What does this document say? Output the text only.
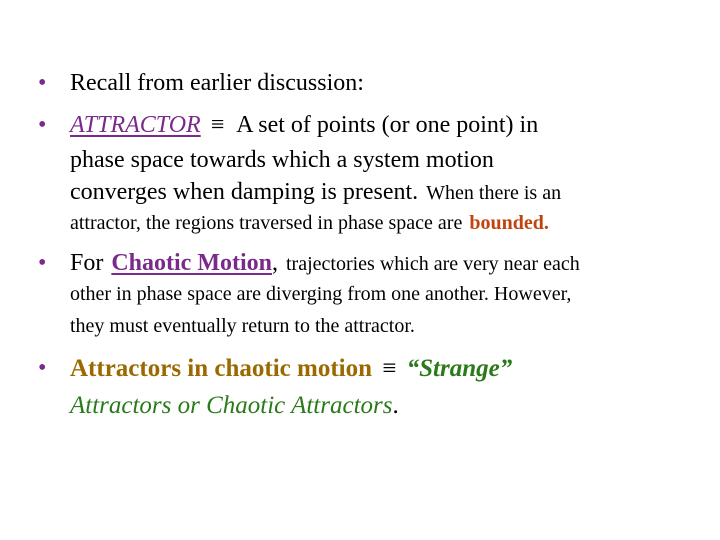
• Recall from earlier discussion:
• ATTRACTOR ≡ A set of points (or one point) in
phase space towards which a system motion
converges when damping is present. When there is an
attractor, the regions traversed in phase space are bounded.
• For Chaotic Motion, trajectories which are very near each
other in phase space are diverging from one another. However,
they must eventually return to the attractor.
• Attractors in chaotic motion ≡ “Strange”
Attractors or Chaotic Attractors.
